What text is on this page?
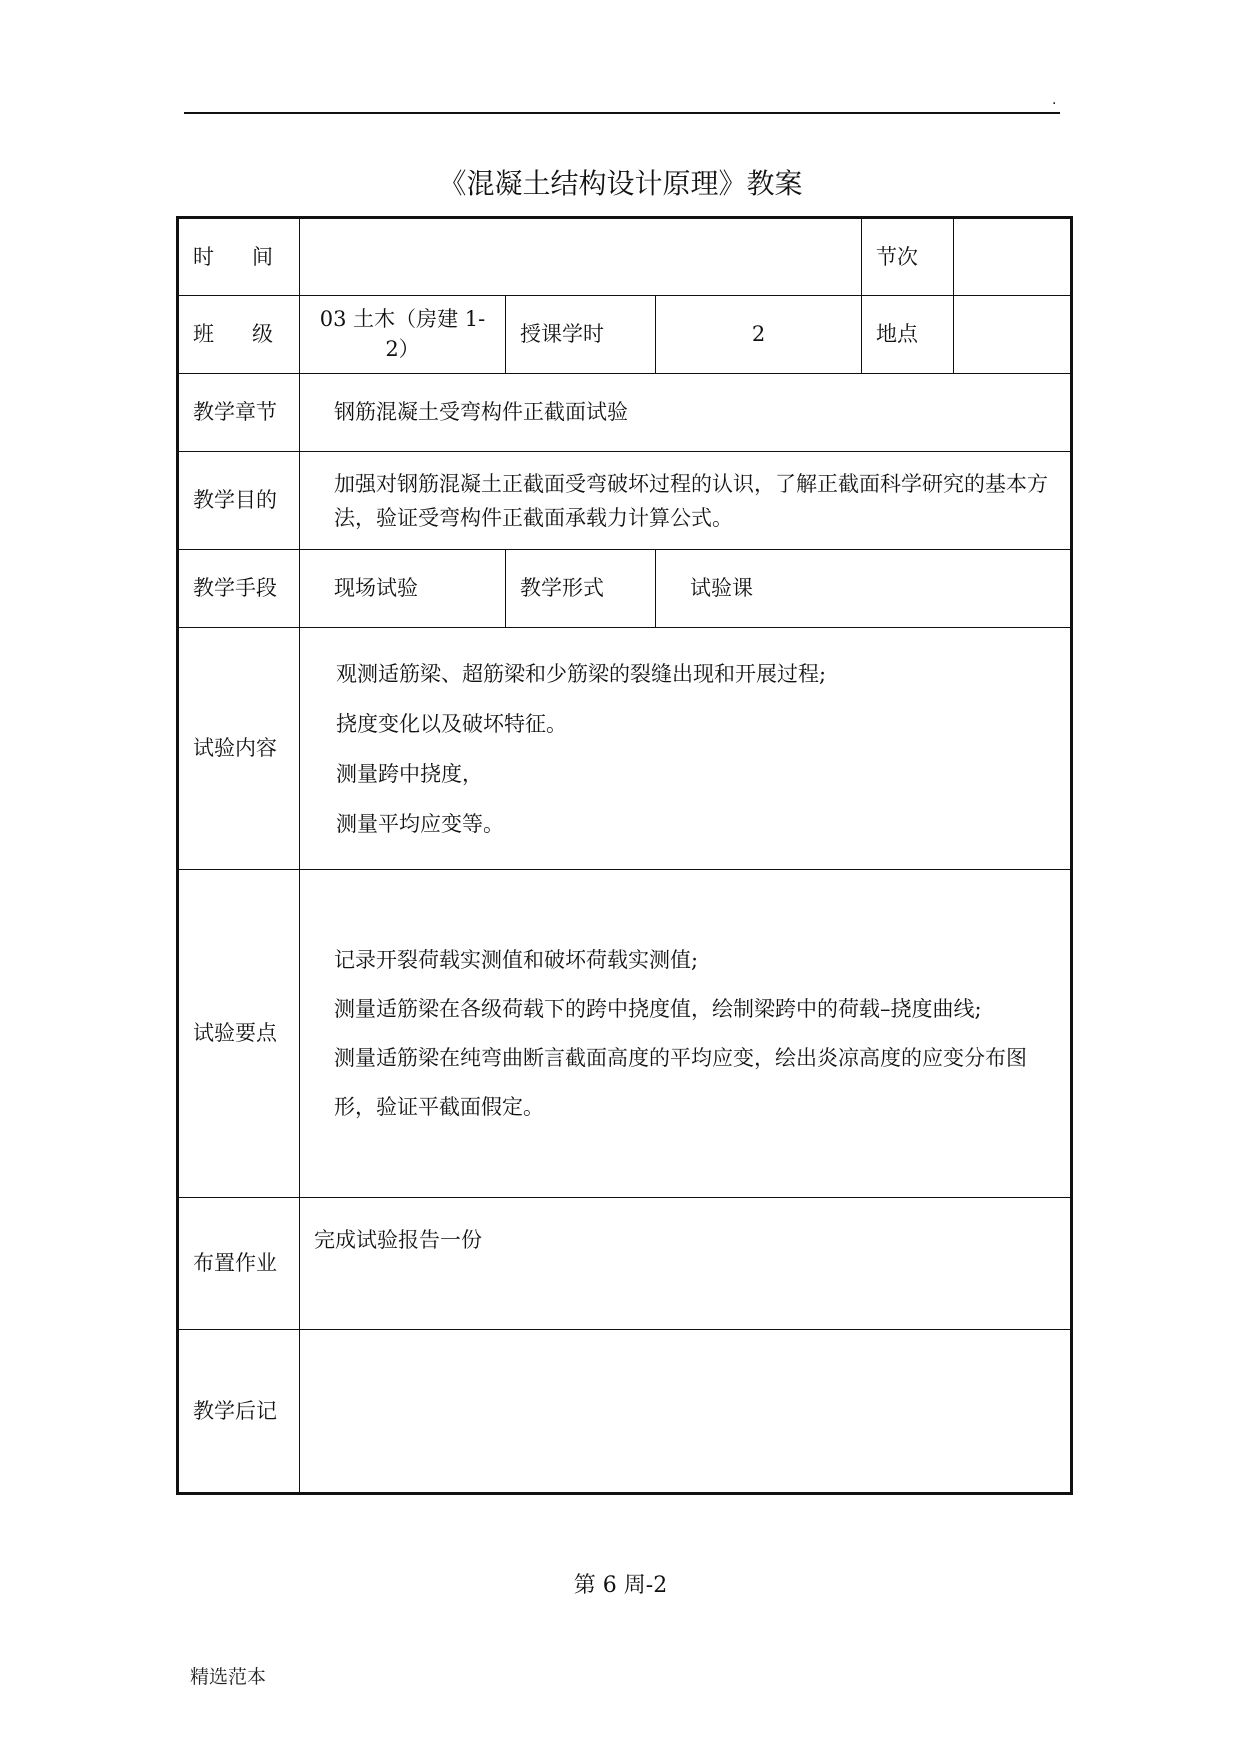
.
《混凝土结构设计原理》教案
时 间				节次	

班 级	03 土木（房建 1-2）	授课学时	2	地点	
教学章节	钢筋混凝土受弯构件正截面试验				
教学目的	加强对钢筋混凝土正截面受弯破坏过程的认识，了解正截面科学研究的基本方法，验证受弯构件正截面承载力计算公式。				
教学手段	现场试验	教学形式	试验课		
试验内容	观测适筋梁、超筋梁和少筋梁的裂缝出现和开展过程;
挠度变化以及破坏特征。
测量跨中挠度，
测量平均应变等。				

试验要点	记录开裂荷载实测值和破坏荷载实测值;
测量适筋梁在各级荷载下的跨中挠度值，绘制梁跨中的荷载–挠度曲线;
测量适筋梁在纯弯曲断言截面高度的平均应变，绘出炎凉高度的应变分布图形，验证平截面假定。				

布置作业	完成试验报告一份				
教学后记					
第 6 周-2
精选范本
